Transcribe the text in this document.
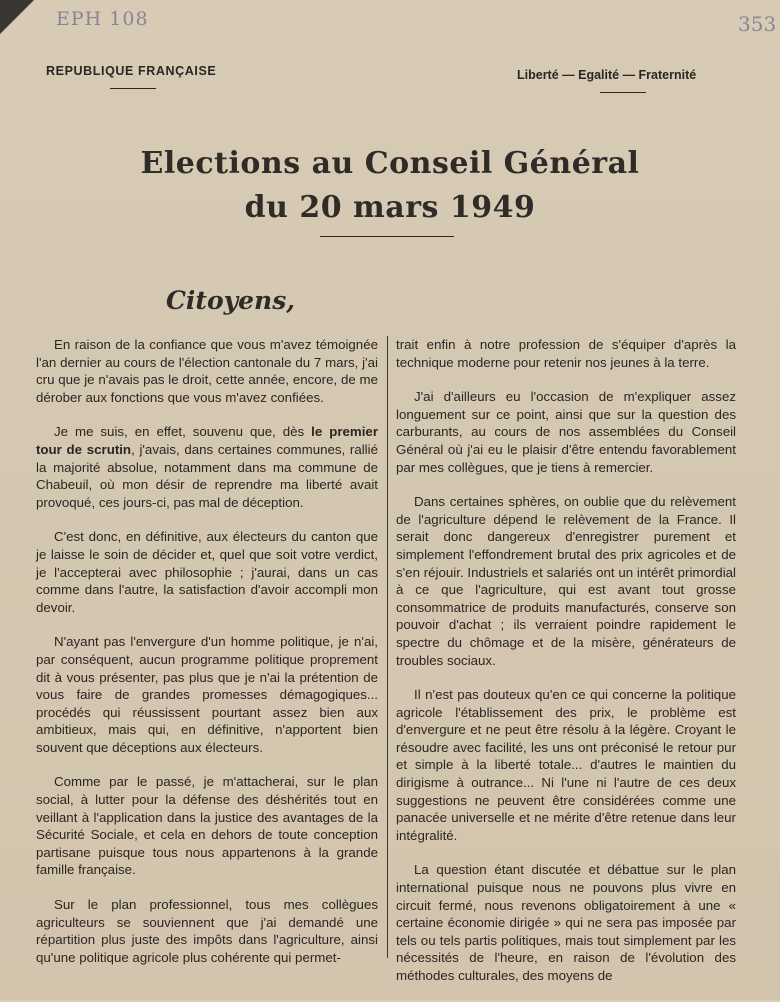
EPH 108	353
REPUBLIQUE FRANÇAISE	Liberté — Egalité — Fraternité
Elections au Conseil Général
du 20 mars 1949
Citoyens,

En raison de la confiance que vous m'avez témoignée l'an dernier au cours de l'élection cantonale du 7 mars, j'ai cru que je n'avais pas le droit, cette année, encore, de me dérober aux fonctions que vous m'avez confiées.

Je me suis, en effet, souvenu que, dès le premier tour de scrutin, j'avais, dans certaines communes, rallié la majorité absolue, notamment dans ma commune de Chabeuil, où mon désir de reprendre ma liberté avait provoqué, ces jours-ci, pas mal de déception.

C'est donc, en définitive, aux électeurs du canton que je laisse le soin de décider et, quel que soit votre verdict, je l'accepterai avec philosophie ; j'aurai, dans un cas comme dans l'autre, la satisfaction d'avoir accompli mon devoir.

N'ayant pas l'envergure d'un homme politique, je n'ai, par conséquent, aucun programme politique proprement dit à vous présenter, pas plus que je n'ai la prétention de vous faire de grandes promesses démagogiques... procédés qui réussissent pourtant assez bien aux ambitieux, mais qui, en définitive, n'apportent bien souvent que déceptions aux électeurs.

Comme par le passé, je m'attacherai, sur le plan social, à lutter pour la défense des déshérités tout en veillant à l'application dans la justice des avantages de la Sécurité Sociale, et cela en dehors de toute conception partisane puisque tous nous appartenons à la grande famille française.

Sur le plan professionnel, tous mes collègues agriculteurs se souviennent que j'ai demandé une répartition plus juste des impôts dans l'agriculture, ainsi qu'une politique agricole plus cohérente qui permet-

trait enfin à notre profession de s'équiper d'après la technique moderne pour retenir nos jeunes à la terre.

J'ai d'ailleurs eu l'occasion de m'expliquer assez longuement sur ce point, ainsi que sur la question des carburants, au cours de nos assemblées du Conseil Général où j'ai eu le plaisir d'être entendu favorablement par mes collègues, que je tiens à remercier.

Dans certaines sphères, on oublie que du relèvement de l'agriculture dépend le relèvement de la France. Il serait donc dangereux d'enregistrer purement et simplement l'effondrement brutal des prix agricoles et de s'en réjouir. Industriels et salariés ont un intérêt primordial à ce que l'agriculture, qui est avant tout grosse consommatrice de produits manufacturés, conserve son pouvoir d'achat ; ils verraient poindre rapidement le spectre du chômage et de la misère, générateurs de troubles sociaux.

Il n'est pas douteux qu'en ce qui concerne la politique agricole l'établissement des prix, le problème est d'envergure et ne peut être résolu à la légère. Croyant le résoudre avec facilité, les uns ont préconisé le retour pur et simple à la liberté totale... d'autres le maintien du dirigisme à outrance... Ni l'une ni l'autre de ces deux suggestions ne peuvent être considérées comme une panacée universelle et ne mérite d'être retenue dans leur intégralité.

La question étant discutée et débattue sur le plan international puisque nous ne pouvons plus vivre en circuit fermé, nous revenons obligatoirement à une « certaine économie dirigée » qui ne sera pas imposée par tels ou tels partis politiques, mais tout simplement par les nécessités de l'heure, en raison de l'évolution des méthodes culturales, des moyens de
